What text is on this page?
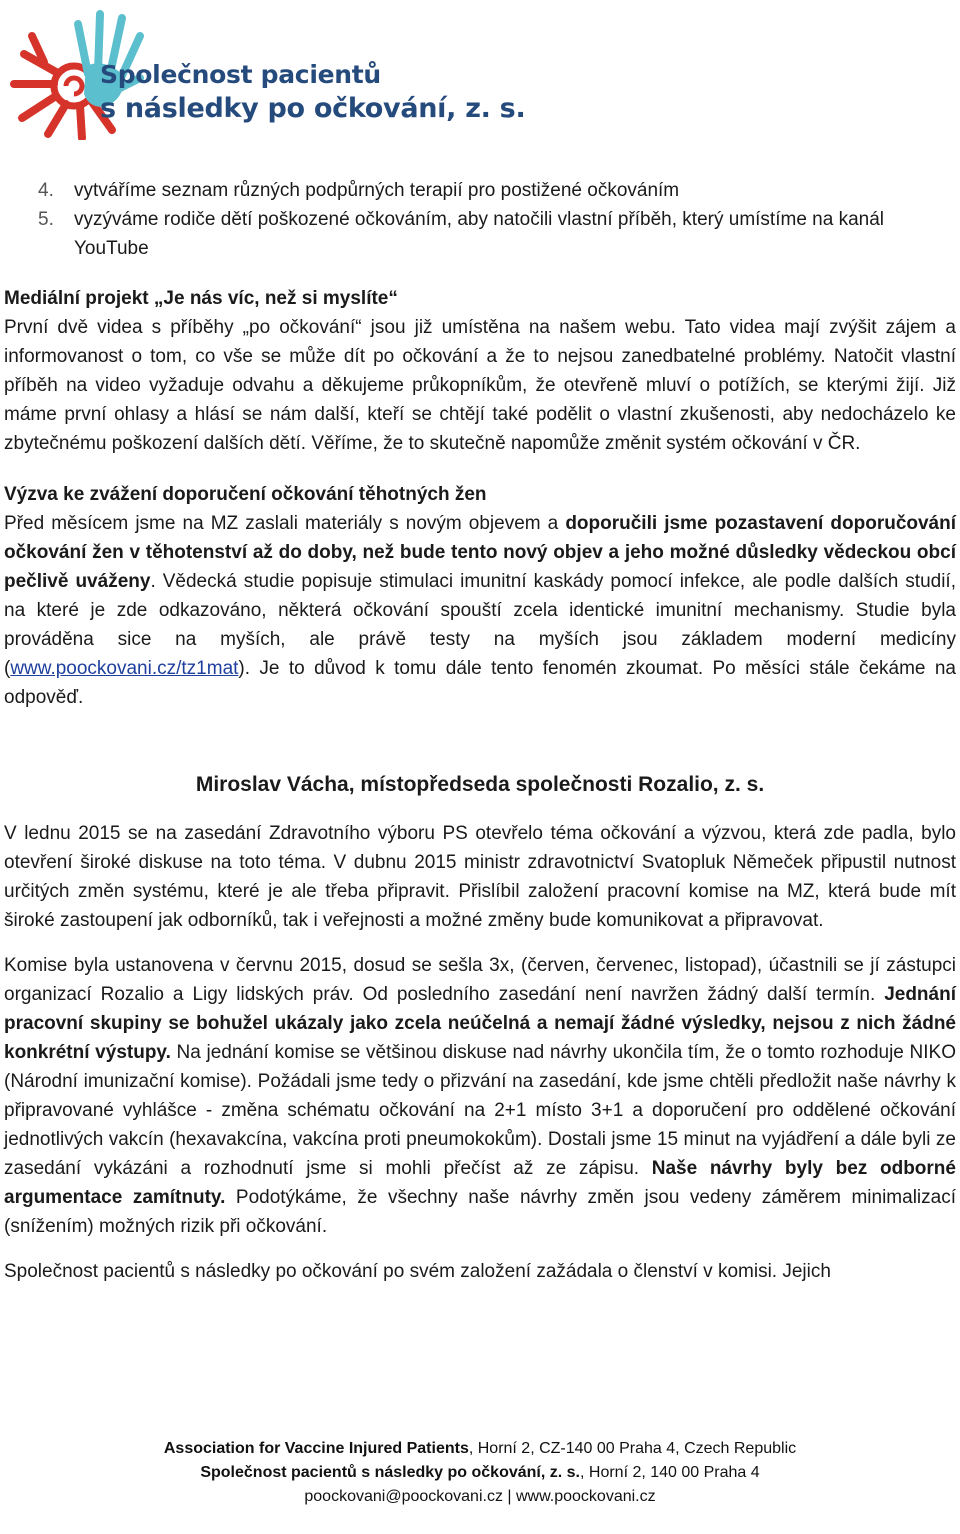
Společnost pacientů
s následky po očkování, z. s.
4. vytváříme seznam různých podpůrných terapií pro postižené očkováním
5. vyzýváme rodiče dětí poškozené očkováním, aby natočili vlastní příběh, který umístíme na kanál YouTube
Mediální projekt „Je nás víc, než si myslíte“

První dvě videa s příběhy „po očkování“ jsou již umístěna na našem webu. Tato videa mají zvýšit zájem a informovanost o tom, co vše se může dít po očkování a že to nejsou zanedbatelné problémy. Natočit vlastní příběh na video vyžaduje odvahu a děkujeme průkopníkům, že otevřeně mluví o potížích, se kterými žijí. Již máme první ohlasy a hlásí se nám další, kteří se chtějí také podělit o vlastní zkušenosti, aby nedocházelo ke zbytečnému poškození dalších dětí. Věříme, že to skutečně napomůže změnit systém očkování v ČR.

Výzva ke zvážení doporučení očkování těhotných žen

Před měsícem jsme na MZ zaslali materiály s novým objevem a doporučili jsme pozastavení doporučování očkování žen v těhotenství až do doby, než bude tento nový objev a jeho možné důsledky vědeckou obcí pečlivě uváženy. Vědecká studie popisuje stimulaci imunitní kaskády pomocí infekce, ale podle dalších studií, na které je zde odkazováno, některá očkování spouští zcela identické imunitní mechanismy. Studie byla prováděna sice na myších, ale právě testy na myších jsou základem moderní medicíny (www.poockovani.cz/tz1mat). Je to důvod k tomu dále tento fenomén zkoumat. Po měsíci stále čekáme na odpověď.

Miroslav Vácha, místopředseda společnosti Rozalio, z. s.

V lednu 2015 se na zasedání Zdravotního výboru PS otevřelo téma očkování a výzvou, která zde padla, bylo otevření široké diskuse na toto téma. V dubnu 2015 ministr zdravotnictví Svatopluk Němeček připustil nutnost určitých změn systému, které je ale třeba připravit. Přislíbil založení pracovní komise na MZ, která bude mít široké zastoupení jak odborníků, tak i veřejnosti a možné změny bude komunikovat a připravovat.

Komise byla ustanovena v červnu 2015, dosud se sešla 3x, (červen, červenec, listopad), účastnili se jí zástupci organizací Rozalio a Ligy lidských práv. Od posledního zasedání není navržen žádný další termín. Jednání pracovní skupiny se bohužel ukázaly jako zcela neúčelná a nemají žádné výsledky, nejsou z nich žádné konkrétní výstupy. Na jednání komise se většinou diskuse nad návrhy ukončila tím, že o tomto rozhoduje NIKO (Národní imunizační komise). Požádali jsme tedy o přizvání na zasedání, kde jsme chtěli předložit naše návrhy k připravované vyhlášce - změna schématu očkování na 2+1 místo 3+1 a doporučení pro oddělené očkování jednotlivých vakcín (hexavakcína, vakcína proti pneumokokům). Dostali jsme 15 minut na vyjádření a dále byli ze zasedání vykázáni a rozhodnutí jsme si mohli přečíst až ze zápisu. Naše návrhy byly bez odborné argumentace zamítnuty. Podotýkáme, že všechny naše návrhy změn jsou vedeny záměrem minimalizací (snížením) možných rizik při očkování.

Společnost pacientů s následky po očkování po svém založení zažádala o členství v komisi. Jejich

Association for Vaccine Injured Patients, Horní 2, CZ-140 00 Praha 4, Czech Republic
Společnost pacientů s následky po očkování, z. s., Horní 2, 140 00 Praha 4
poockovani@poockovani.cz | www.poockovani.cz
